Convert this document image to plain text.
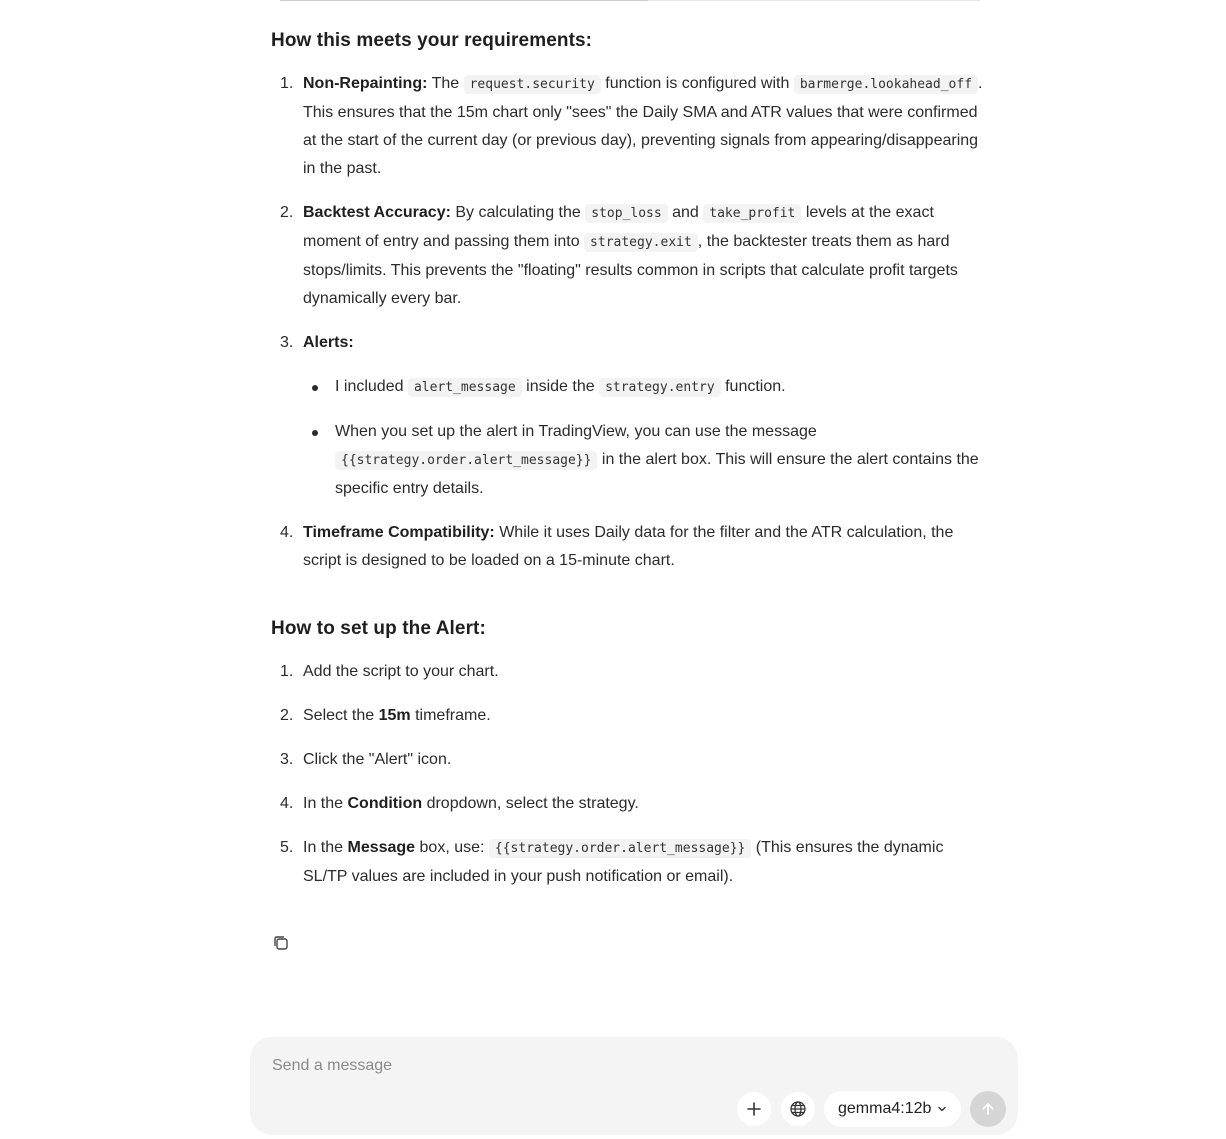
How this meets your requirements:
1. Non-Repainting: The request.security function is configured with barmerge.lookahead_off . This ensures that the 15m chart only "sees" the Daily SMA and ATR values that were confirmed at the start of the current day (or previous day), preventing signals from appearing/disappearing in the past.
2. Backtest Accuracy: By calculating the stop_loss and take_profit levels at the exact moment of entry and passing them into strategy.exit , the backtester treats them as hard stops/limits. This prevents the "floating" results common in scripts that calculate profit targets dynamically every bar.
3. Alerts:
I included alert_message inside the strategy.entry function.
When you set up the alert in TradingView, you can use the message {{strategy.order.alert_message}} in the alert box. This will ensure the alert contains the specific entry details.
4. Timeframe Compatibility: While it uses Daily data for the filter and the ATR calculation, the script is designed to be loaded on a 15-minute chart.
How to set up the Alert:
1. Add the script to your chart.
2. Select the 15m timeframe.
3. Click the "Alert" icon.
4. In the Condition dropdown, select the strategy.
5. In the Message box, use: {{strategy.order.alert_message}} (This ensures the dynamic SL/TP values are included in your push notification or email).
Send a message
gemma4:12b
